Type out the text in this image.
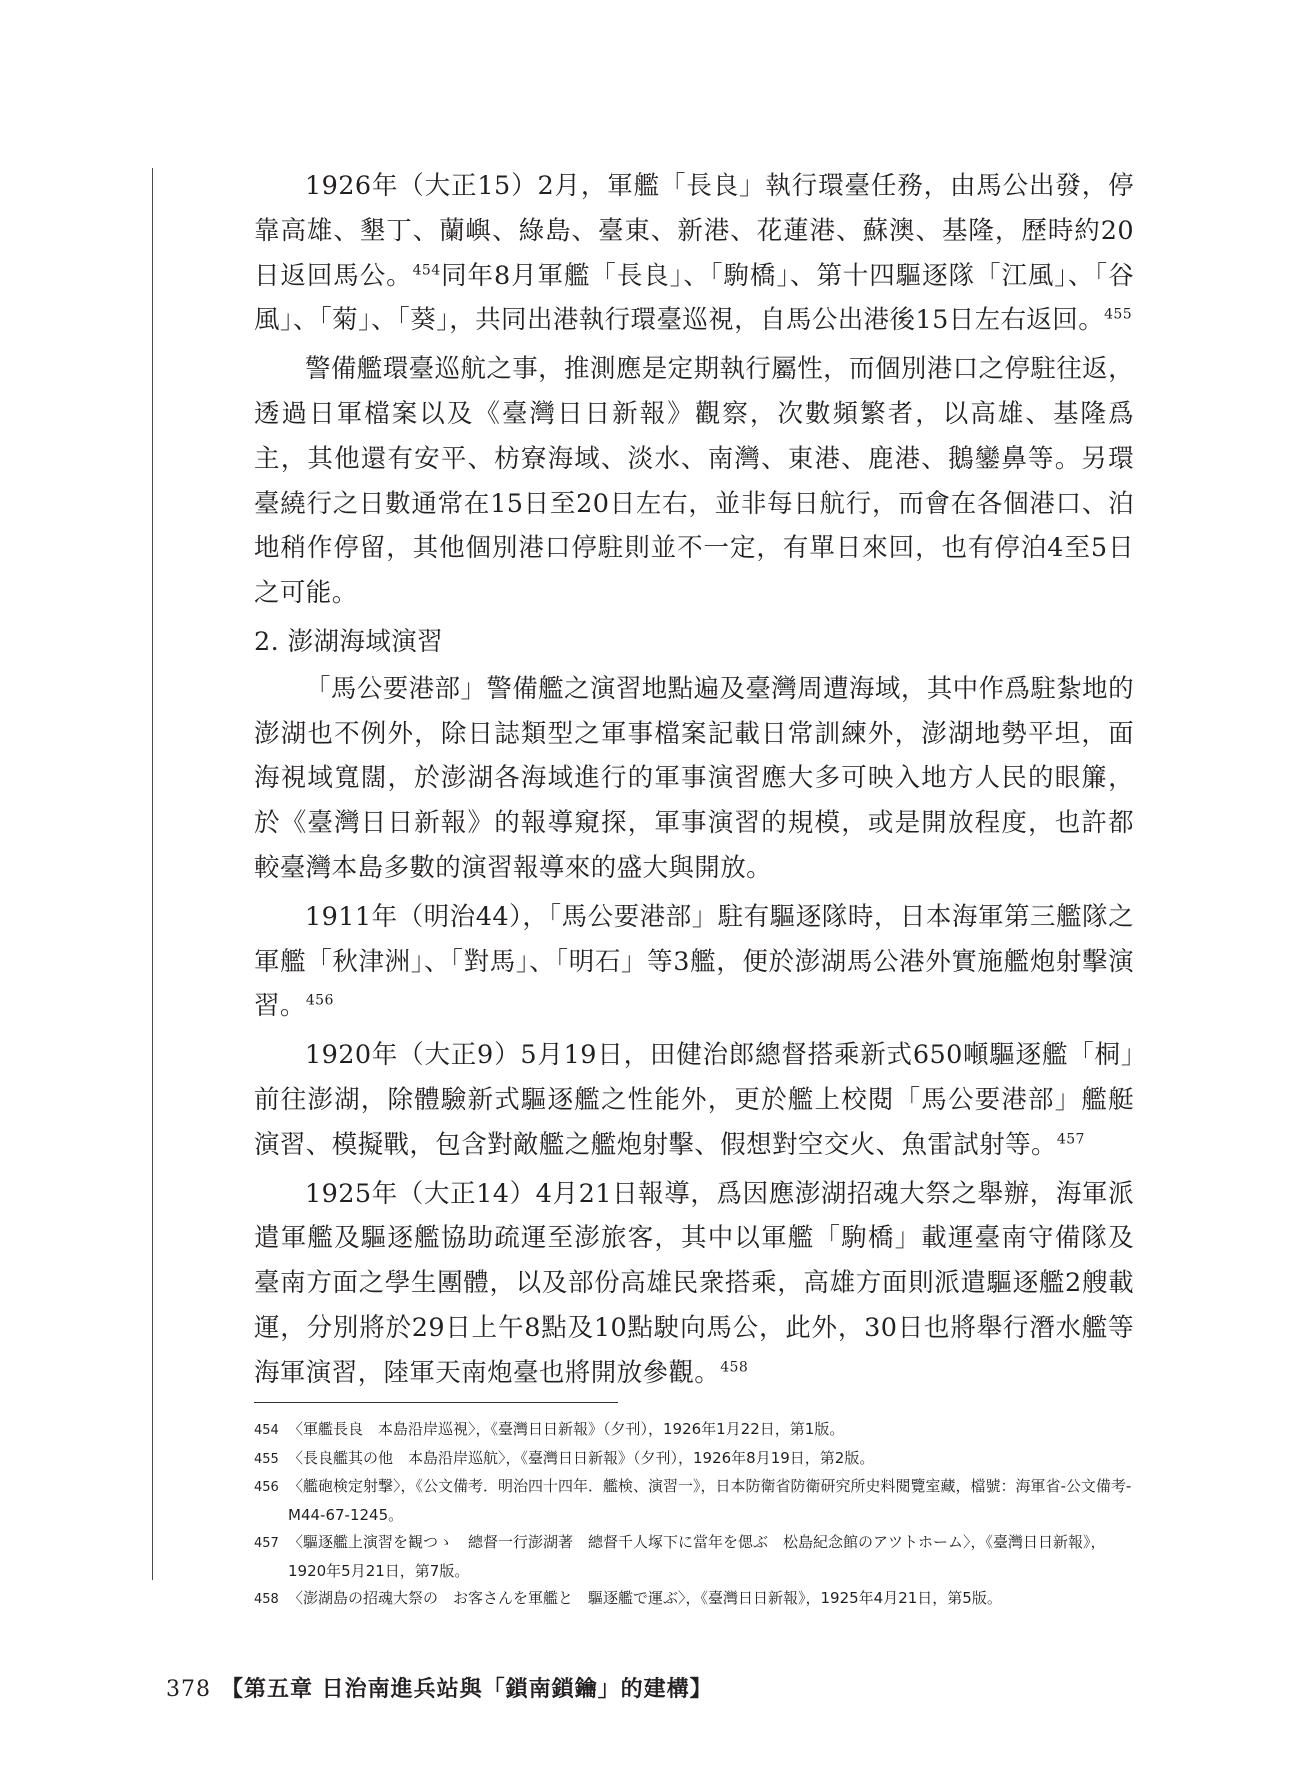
1926年（大正15）2月，軍艦「長良」執行環臺任務，由馬公出發，停靠高雄、墾丁、蘭嶼、綠島、臺東、新港、花蓮港、蘇澳、基隆，歷時約20日返回馬公。$^{454}$同年8月軍艦「長良」、「駒橋」、第十四驅逐隊「江風」、「谷風」、「菊」、「葵」，共同出港執行環臺巡視，自馬公出港後15日左右返回。$^{455}$

警備艦環臺巡航之事，推測應是定期執行屬性，而個別港口之停駐往返，透過日軍檔案以及《臺灣日日新報》觀察，次數頻繁者，以高雄、基隆爲主，其他還有安平、枋寮海域、淡水、南灣、東港、鹿港、鵝鑾鼻等。另環臺繞行之日數通常在15日至20日左右，並非每日航行，而會在各個港口、泊地稍作停留，其他個別港口停駐則並不一定，有單日來回，也有停泊4至5日之可能。

2. 澎湖海域演習

「馬公要港部」警備艦之演習地點遍及臺灣周遭海域，其中作爲駐紮地的澎湖也不例外，除日誌類型之軍事檔案記載日常訓練外，澎湖地勢平坦，面海視域寬闊，於澎湖各海域進行的軍事演習應大多可映入地方人民的眼簾，於《臺灣日日新報》的報導窺探，軍事演習的規模，或是開放程度，也許都較臺灣本島多數的演習報導來的盛大與開放。

1911年（明治44），「馬公要港部」駐有驅逐隊時，日本海軍第三艦隊之軍艦「秋津洲」、「對馬」、「明石」等3艦，便於澎湖馬公港外實施艦炮射擊演習。$^{456}$

1920年（大正9）5月19日，田健治郎總督搭乘新式650噸驅逐艦「桐」前往澎湖，除體驗新式驅逐艦之性能外，更於艦上校閱「馬公要港部」艦艇演習、模擬戰，包含對敵艦之艦炮射擊、假想對空交火、魚雷試射等。$^{457}$

1925年（大正14）4月21日報導，爲因應澎湖招魂大祭之舉辦，海軍派遣軍艦及驅逐艦協助疏運至澎旅客，其中以軍艦「駒橋」載運臺南守備隊及臺南方面之學生團體，以及部份高雄民衆搭乘，高雄方面則派遣驅逐艦2艘載運，分別將於29日上午8點及10點駛向馬公，此外，30日也將舉行潛水艦等海軍演習，陸軍天南炮臺也將開放參觀。$^{458}$

454 〈軍艦長良　本島沿岸巡視〉，《臺灣日日新報》（夕刊），1926年1月22日，第1版。

455 〈長良艦其の他　本島沿岸巡航〉，《臺灣日日新報》（夕刊），1926年8月19日，第2版。

456 〈艦砲検定射撃〉，《公文備考．明治四十四年．艦検、演習一》，日本防衛省防衛研究所史料閱覽室藏，檔號：海軍省-公文備考-M44-67-1245。

457 〈驅逐艦上演習を観つゝ　總督一行澎湖著　總督千人塚下に當年を偲ぶ　松島紀念館のアツトホーム〉，《臺灣日日新報》，1920年5月21日，第7版。

458 〈澎湖島の招魂大祭の　お客さんを軍艦と　驅逐艦で運ぶ〉，《臺灣日日新報》，1925年4月21日，第5版。

378 【第五章 日治南進兵站與「鎖南鎖鑰」的建構】
